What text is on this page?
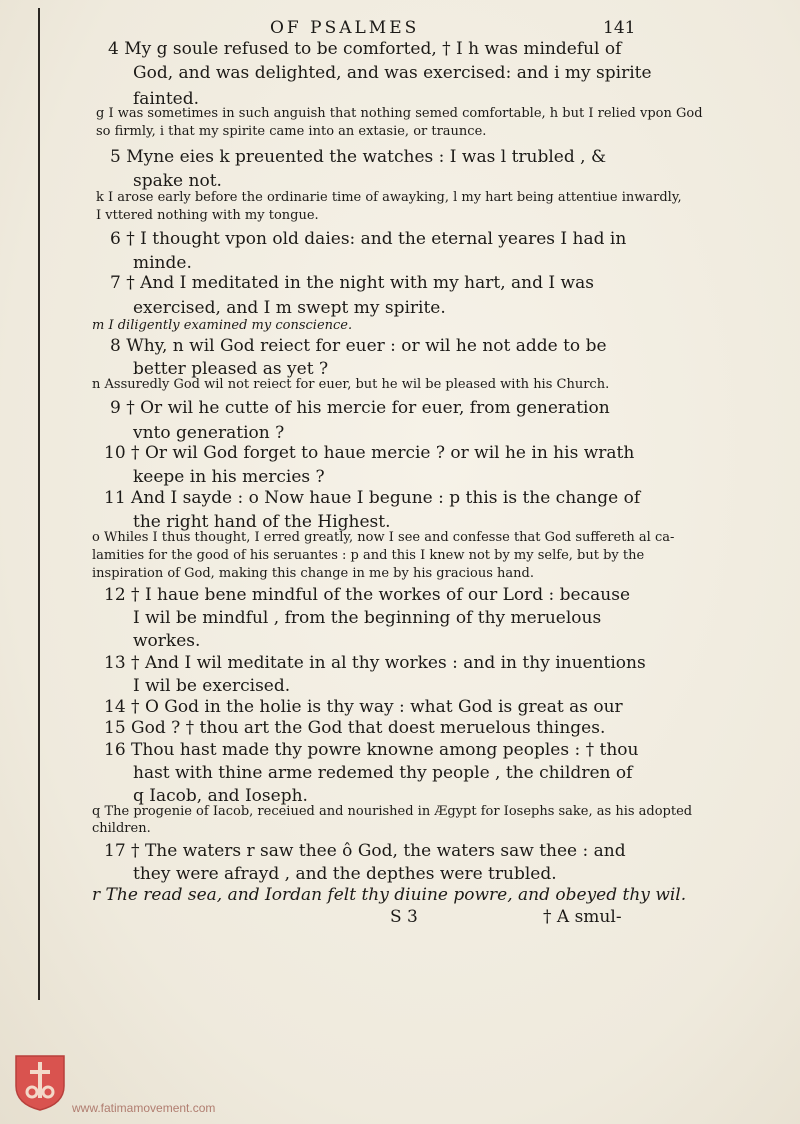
OF PSALMES	141
4 My g soule refused to be comforted, † I h was mindeful of
God, and was delighted, and was exercised: and i my spirite
fainted.
g I was sometimes in such anguish that nothing semed comfortable, h but I relied vpon God
so firmly, i that my spirite came into an extasie, or traunce.
5 Myne eies k preuented the watches : I was l trubled , &
spake not.
k I arose early before the ordinarie time of awayking, l my hart being attentiue inwardly,
I vttered nothing with my tongue.
6 † I thought vpon old daies: and the eternal yeares I had in
minde.
7 † And I meditated in the night with my hart, and I was
exercised, and I m swept my spirite.
m I diligently examined my conscience.
8 Why, n wil God reiect for euer : or wil he not adde to be
better pleased as yet ?
n Assuredly God wil not reiect for euer, but he wil be pleased with his Church.
9 † Or wil he cutte of his mercie for euer, from generation
vnto generation ?
10 † Or wil God forget to haue mercie ? or wil he in his wrath
keepe in his mercies ?
11 And I sayde : o Now haue I begune : p this is the change of
the right hand of the Highest.
o Whiles I thus thought, I erred greatly, now I see and confesse that God suffereth al ca-
lamities for the good of his seruantes : p and this I knew not by my selfe, but by the
inspiration of God, making this change in me by his gracious hand.
12 † I haue bene mindful of the workes of our Lord : because
I wil be mindful , from the beginning of thy meruelous
workes.
13 † And I wil meditate in al thy workes : and in thy inuentions
I wil be exercised.
14 † O God in the holie is thy way : what God is great as our
15 God ? † thou art the God that doest meruelous thinges.
16 Thou hast made thy powre knowne among peoples : † thou
hast with thine arme redemed thy people , the children of
q Iacob, and Ioseph.
q The progenie of Iacob, receiued and nourished in Ægypt for Iosephs sake, as his adopted
children.
17 † The waters r saw thee ô God, the waters saw thee : and
they were afrayd , and the depthes were trubled.
r The read sea, and Iordan felt thy diuine powre, and obeyed thy wil.
S 3	† A smul-
www.fatimamovement.com
